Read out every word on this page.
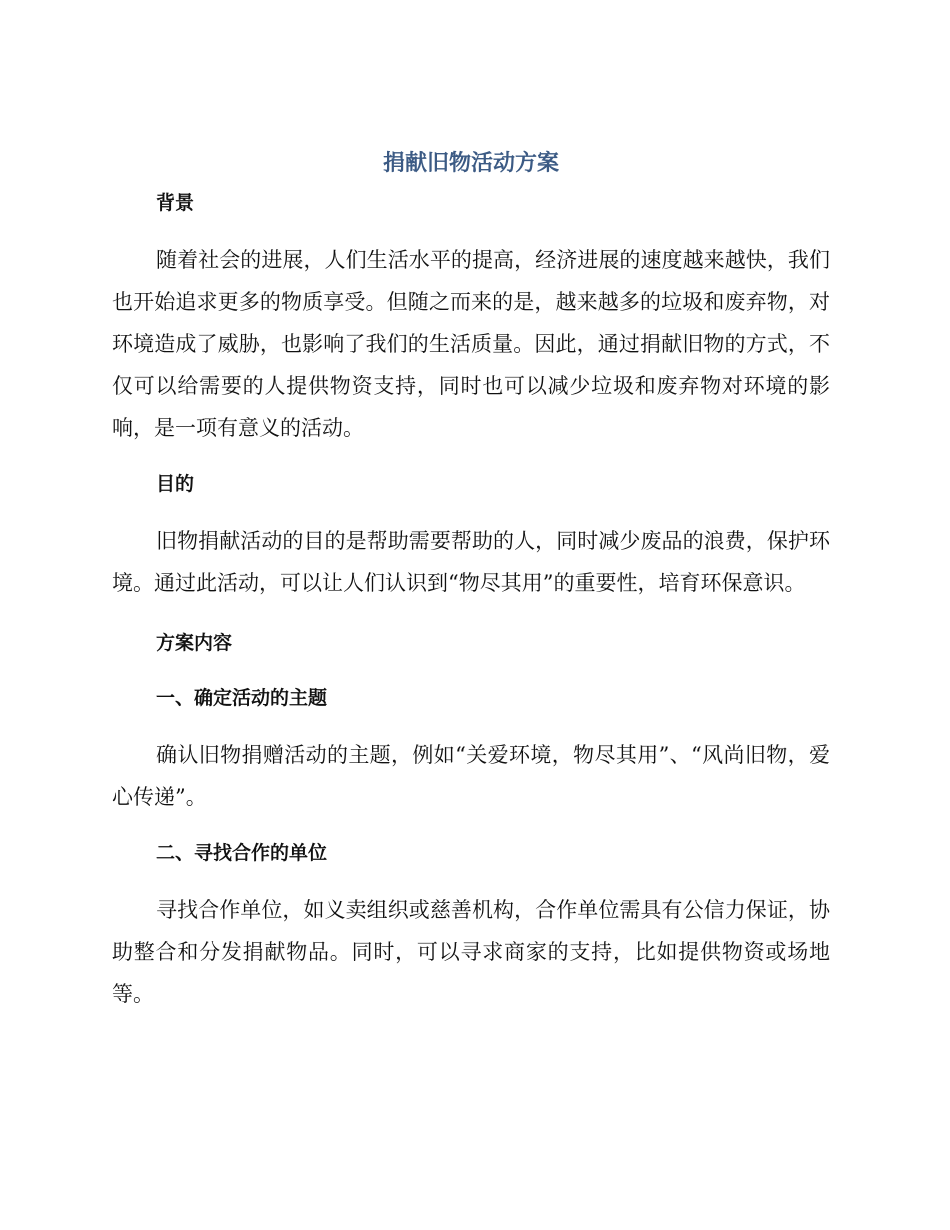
捐献旧物活动方案

背景

随着社会的进展，人们生活水平的提高，经济进展的速度越来越快，我们也开始追求更多的物质享受。但随之而来的是，越来越多的垃圾和废弃物，对环境造成了威胁，也影响了我们的生活质量。因此，通过捐献旧物的方式，不仅可以给需要的人提供物资支持，同时也可以减少垃圾和废弃物对环境的影响，是一项有意义的活动。

目的

旧物捐献活动的目的是帮助需要帮助的人，同时减少废品的浪费，保护环境。通过此活动，可以让人们认识到“物尽其用”的重要性，培育环保意识。

方案内容

一、确定活动的主题

确认旧物捐赠活动的主题，例如“关爱环境，物尽其用”、“风尚旧物，爱心传递”。

二、寻找合作的单位

寻找合作单位，如义卖组织或慈善机构，合作单位需具有公信力保证，协助整合和分发捐献物品。同时，可以寻求商家的支持，比如提供物资或场地等。
